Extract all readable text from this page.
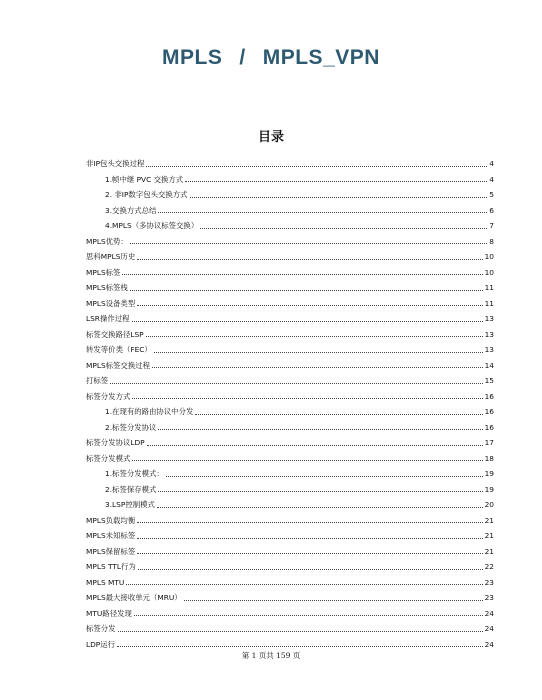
MPLS / MPLS_VPN
目录
非IP包头交换过程	4
1.帧中继 PVC 交换方式	4
2. 非IP数字包头交换方式	5
3.交换方式总结	6
4.MPLS（多协议标签交换）	7
MPLS优势：	8
思科MPLS历史	10
MPLS标签	10
MPLS标签栈	11
MPLS设备类型	11
LSR操作过程	13
标签交换路径LSP	13
转发等价类（FEC）	13
MPLS标签交换过程	14
打标签	15
标签分发方式	16
1.在现有的路由协议中分发	16
2.标签分发协议	16
标签分发协议LDP	17
标签分发模式	18
1.标签分发模式：	19
2.标签保存模式	19
3.LSP控制模式	20
MPLS负载均衡	21
MPLS未知标签	21
MPLS保留标签	21
MPLS TTL行为	22
MPLS MTU	23
MPLS最大接收单元（MRU）	23
MTU路径发现	24
标签分发	24
LDP运行	24

第 1 页共 159 页
